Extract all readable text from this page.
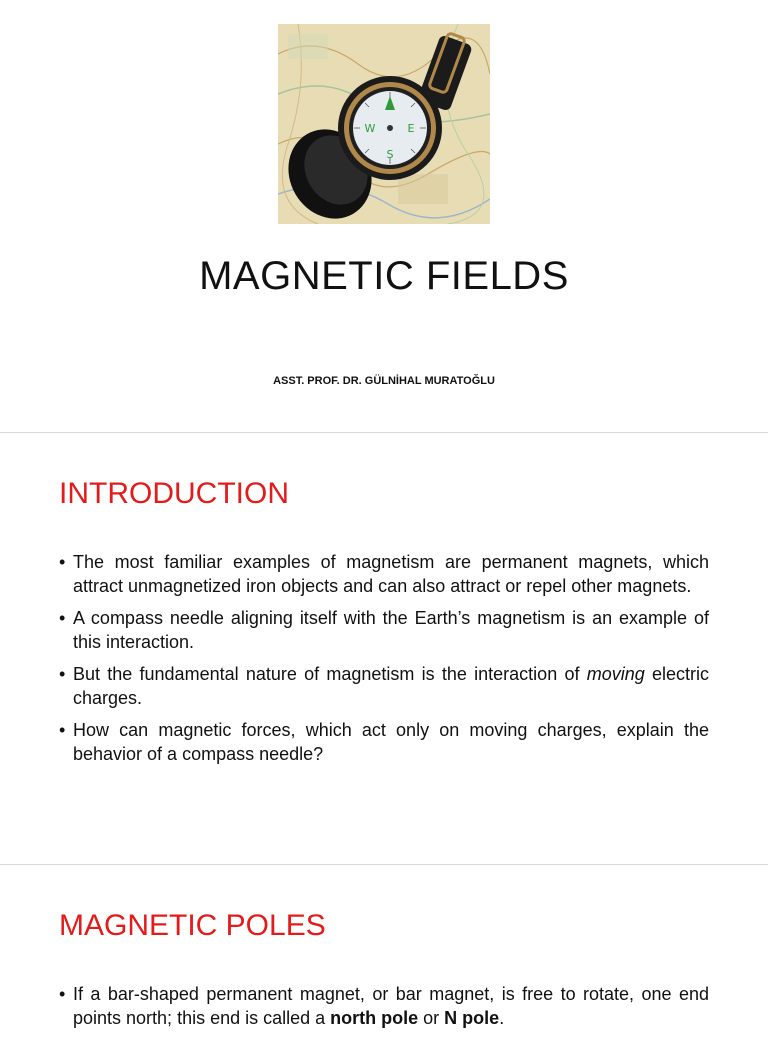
S
W	E
MAGNETIC FIELDS
ASST. PROF. DR. GÜLNİHAL MURATOĞLU
INTRODUCTION
• The most familiar examples of magnetism are permanent magnets, which attract unmagnetized iron objects and can also attract or repel other magnets.
• A compass needle aligning itself with the Earth’s magnetism is an example of this interaction.
• But the fundamental nature of magnetism is the interaction of moving electric charges.
• How can magnetic forces, which act only on moving charges, explain the behavior of a compass needle?
MAGNETIC POLES
• If a bar-shaped permanent magnet, or bar magnet, is free to rotate, one end points north; this end is called a north pole or N pole.
